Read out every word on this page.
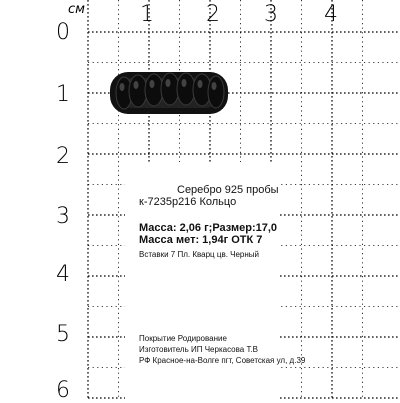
см	1 2 3 4
0
1
2
3
4
5
6
Серебро 925 пробы
к-7235р216 Кольцо
Масса: 2,06 г;Размер:17,0
Масса мет: 1,94г ОТК 7
Вставки 7 Пл. Кварц цв. Черный
Покрытие Родирование
Изготовитель ИП Черкасова Т.В
РФ Красное-на-Волге пгт, Советская ул, д.39
